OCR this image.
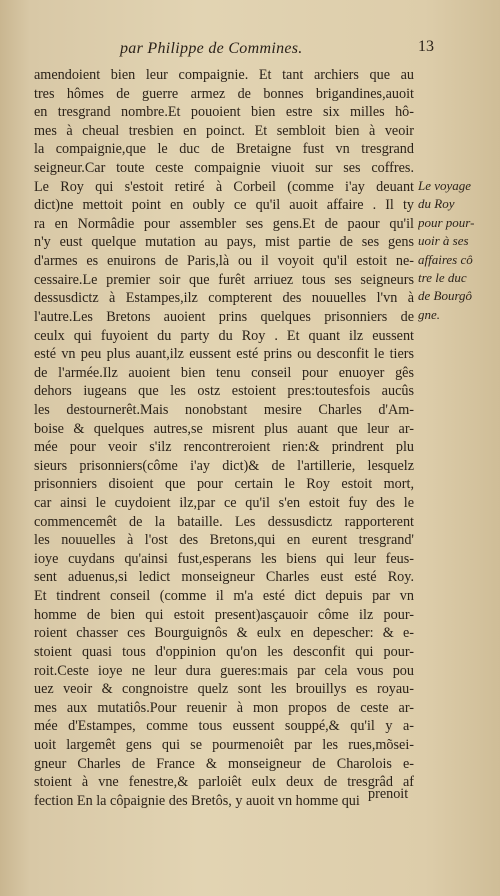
par Philippe de Commines.	13
amendoient bien leur compaignie. Et tant archiers que au
tres hômes de guerre armez de bonnes brigandines,auoit
en tresgrand nombre.Et pouoient bien estre six milles hô-
mes à cheual tresbien en poinct. Et sembloit bien à veoir
la compaignie,que le duc de Bretaigne fust vn tresgrand
seigneur.Car toute ceste compaignie viuoit sur ses coffres.
Le Roy qui s'estoit retiré à Corbeil (comme i'ay deuant
dict)ne mettoit point en oubly ce qu'il auoit affaire . Il ty
ra en Normâdie pour assembler ses gens.Et de paour qu'il
n'y eust quelque mutation au pays, mist partie de ses gens
d'armes es enuirons de Paris,là ou il voyoit qu'il estoit ne-
cessaire.Le premier soir que furêt arriuez tous ses seigneurs
dessusdictz à Estampes,ilz compterent des nouuelles l'vn à
l'autre.Les Bretons auoient prins quelques prisonniers de
ceulx qui fuyoient du party du Roy . Et quant ilz eussent
esté vn peu plus auant,ilz eussent esté prins ou desconfit le tiers
de l'armée.Ilz auoient bien tenu conseil pour enuoyer gês
dehors iugeans que les ostz estoient pres:toutesfois aucûs
les destournerêt.Mais nonobstant mesire Charles d'Am-
boise & quelques autres,se misrent plus auant que leur ar-
mée pour veoir s'ilz rencontreroient rien:& prindrent plu
sieurs prisonniers(côme i'ay dict)& de l'artillerie, lesquelz
prisonniers disoient que pour certain le Roy estoit mort,
car ainsi le cuydoient ilz,par ce qu'il s'en estoit fuy des le
commencemêt de la bataille. Les dessusdictz rapporterent
les nouuelles à l'ost des Bretons,qui en eurent tresgrand'
ioye cuydans qu'ainsi fust,esperans les biens qui leur feus-
sent aduenus,si ledict monseigneur Charles eust esté Roy.
Et tindrent conseil (comme il m'a esté dict depuis par vn
homme de bien qui estoit present)asçauoir côme ilz pour-
roient chasser ces Bourguignôs & eulx en depescher: & e-
stoient quasi tous d'oppinion qu'on les desconfit qui pour-
roit.Ceste ioye ne leur dura gueres:mais par cela vous pou
uez veoir & congnoistre quelz sont les brouillys es royau-
mes aux mutatiôs.Pour reuenir à mon propos de ceste ar-
mée d'Estampes, comme tous eussent souppé,& qu'il y a-
uoit largemêt gens qui se pourmenoiêt par les rues,mõsei-
gneur Charles de France & monseigneur de Charolois e-
stoient à vne fenestre,& parloiêt eulx deux de tresgrâd af
fection En la côpaignie des Bretôs, y auoit vn homme qui
Le voyage
du Roy
pour pour-
uoir à ses
affaires cô
tre le duc
de Bourgô
gne.
prenoit
